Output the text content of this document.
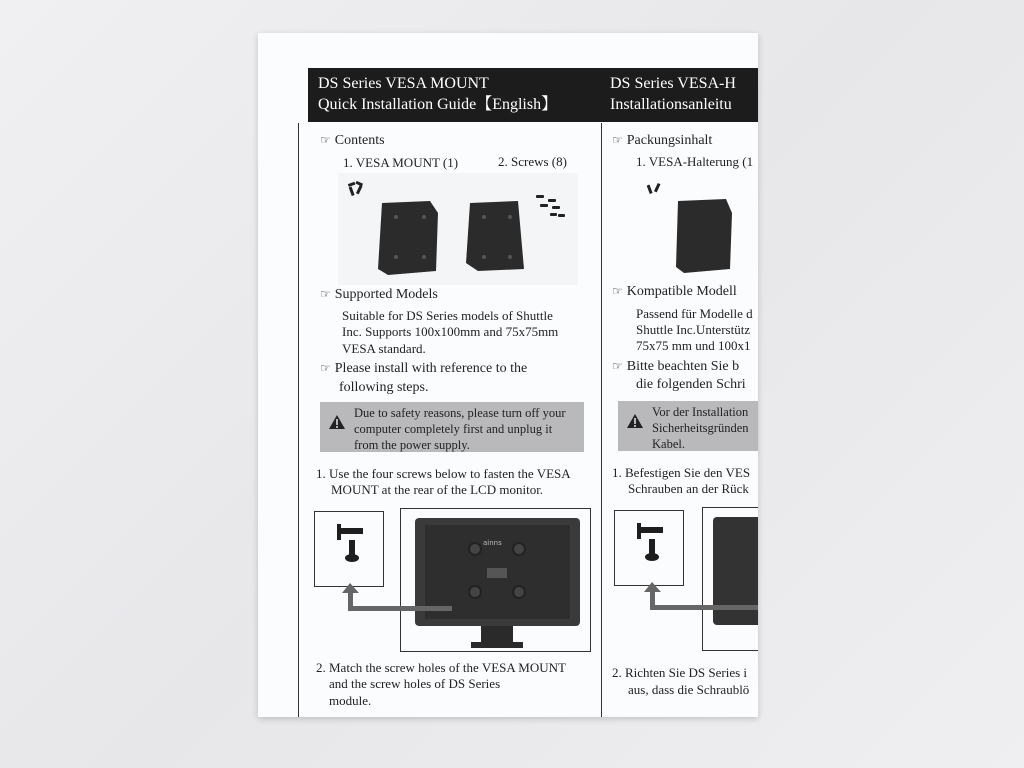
DS Series VESA MOUNT
Quick Installation Guide【English】
☞ Contents
1. VESA MOUNT (1)	2. Screws (8)
☞ Supported Models
Suitable for DS Series models of Shuttle
Inc. Supports 100x100mm and 75x75mm
VESA standard.
☞ Please install with reference to the
following steps.
Due to safety reasons, please turn off your
computer completely first and unplug it
from the power supply.
1. Use the four screws below to fasten the VESA
MOUNT at the rear of the LCD monitor.
ainns
2. Match the screw holes of the VESA MOUNT
and the screw holes of DS Series
module.
DS Series VESA-H
Installationsanleitu
☞ Packungsinhalt
1. VESA-Halterung (1
☞ Kompatible Modell
Passend für Modelle d
Shuttle Inc.Unterstütz
75x75 mm und 100x1
☞ Bitte beachten Sie b
die folgenden Schri
Vor der Installation
Sicherheitsgründen
Kabel.
1. Befestigen Sie den VES
Schrauben an der Rück
2. Richten Sie DS Series i
aus, dass die Schraublö
